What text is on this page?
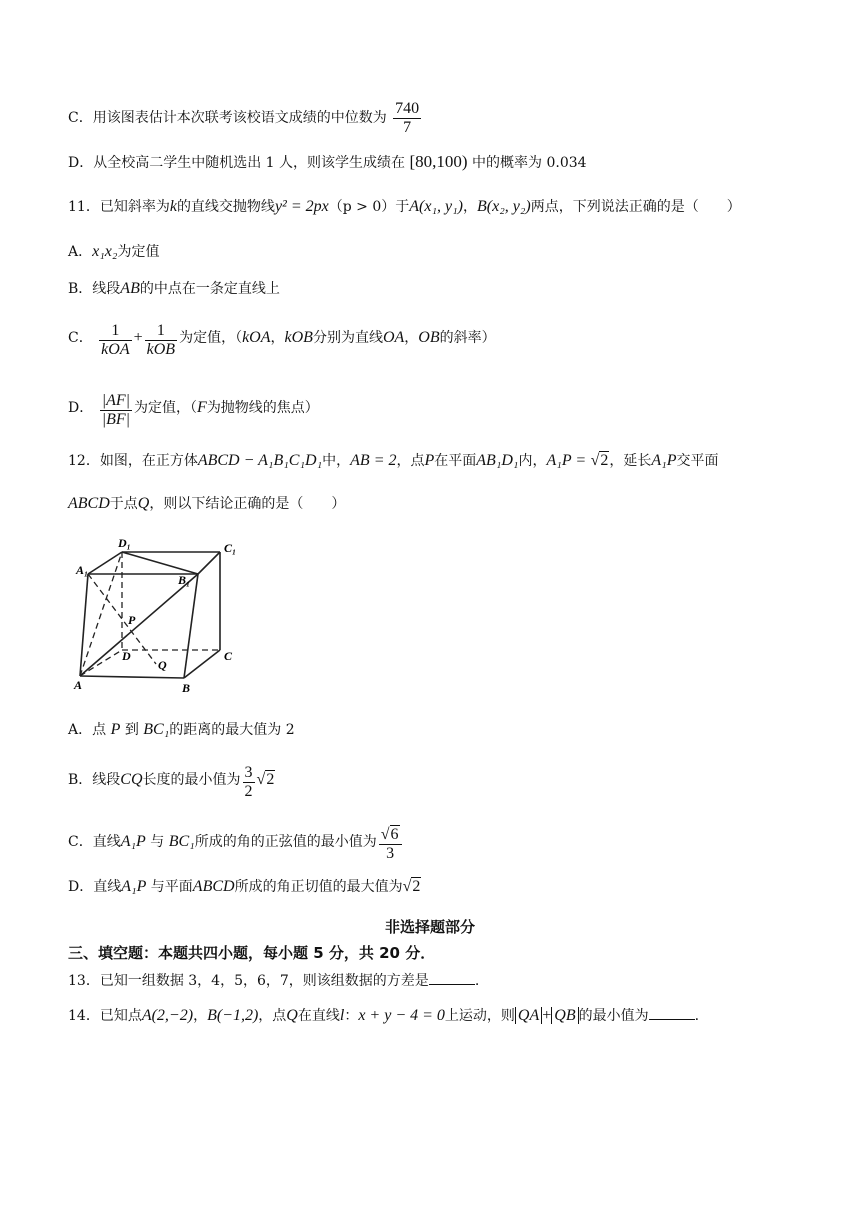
C．用该图表估计本次联考该校语文成绩的中位数为 $\frac{740}{7}$
D．从全校高二学生中随机选出 1 人，则该学生成绩在 [80,100) 中的概率为 0.034
11．已知斜率为k的直线交抛物线y² = 2px（p > 0）于A(x₁, y₁)，B(x₂, y₂)两点，下列说法正确的是（　　）
A．x₁x₂为定值
B．线段AB的中点在一条定直线上
C． $\frac{1}{\text{kOA}} + \frac{1}{\text{kOB}}$ 为定值，（kOA，kOB分别为直线OA，OB的斜率）
D． $\frac{|AF|}{|BF|}$ 为定值，（F为抛物线的焦点）
12．如图，在正方体ABCD − A₁B₁C₁D₁中，AB = 2，点P在平面AB₁D₁内，A₁P = √2，延长A₁P交平面
ABCD于点Q，则以下结论正确的是（　　）
D₁	C₁
A₁
B₁
P
D
Q
C
A	B
A．点 P 到 BC₁的距离的最大值为 2
B．线段CQ长度的最小值为 $\frac{3}{2} √2$
C．直线A₁P 与 BC₁所成的角的正弦值的最小值为 $\frac{√6}{3}$
D．直线A₁P 与平面ABCD所成的角正切值的最大值为√2
非选择题部分
三、填空题：本题共四小题，每小题 5 分，共 20 分．
13．已知一组数据 3，4，5，6，7，则该组数据的方差是	.
14．已知点A(2,−2)，B(−1,2)，点Q在直线l：x + y − 4 = 0上运动，则 QA + QB 的最小值为	.
